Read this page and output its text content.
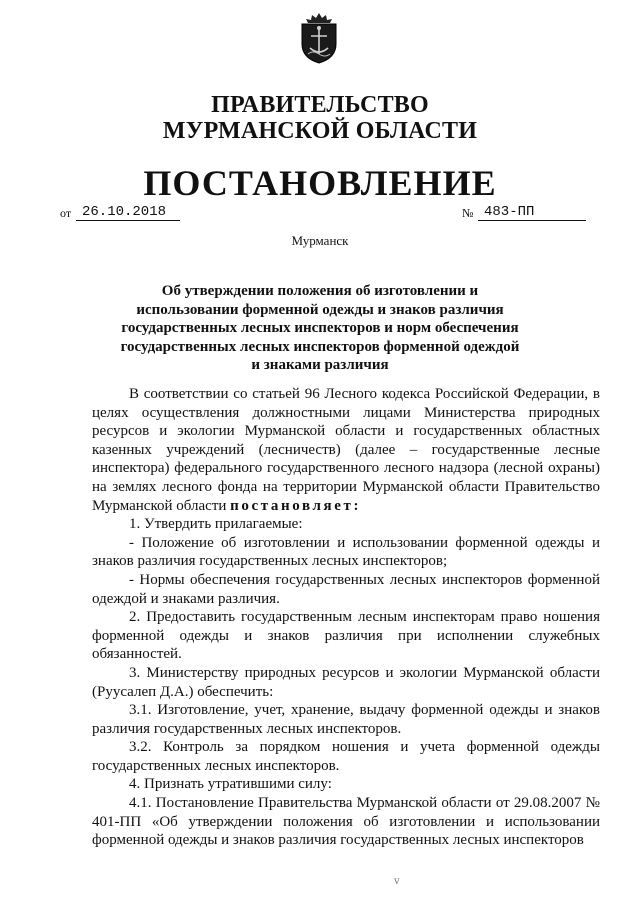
ПРАВИТЕЛЬСТВО
МУРМАНСКОЙ ОБЛАСТИ
ПОСТАНОВЛЕНИЕ
от 26.10.2018	№ 483-ПП
Мурманск
Об утверждении положения об изготовлении и использовании форменной одежды и знаков различия государственных лесных инспекторов и норм обеспечения государственных лесных инспекторов форменной одеждой и знаками различия

В соответствии со статьей 96 Лесного кодекса Российской Федерации, в целях осуществления должностными лицами Министерства природных ресурсов и экологии Мурманской области и государственных областных казенных учреждений (лесничеств) (далее – государственные лесные инспектора) федерального государственного лесного надзора (лесной охраны) на землях лесного фонда на территории Мурманской области Правительство Мурманской области постановляет:

1. Утвердить прилагаемые:

- Положение об изготовлении и использовании форменной одежды и знаков различия государственных лесных инспекторов;

- Нормы обеспечения государственных лесных инспекторов форменной одеждой и знаками различия.

2. Предоставить государственным лесным инспекторам право ношения форменной одежды и знаков различия при исполнении служебных обязанностей.

3. Министерству природных ресурсов и экологии Мурманской области (Руусалеп Д.А.) обеспечить:

3.1. Изготовление, учет, хранение, выдачу форменной одежды и знаков различия государственных лесных инспекторов.

3.2. Контроль за порядком ношения и учета форменной одежды государственных лесных инспекторов.

4. Признать утратившими силу:

4.1. Постановление Правительства Мурманской области от 29.08.2007 № 401-ПП «Об утверждении положения об изготовлении и использовании форменной одежды и знаков различия государственных лесных инспекторов

ⅴ
